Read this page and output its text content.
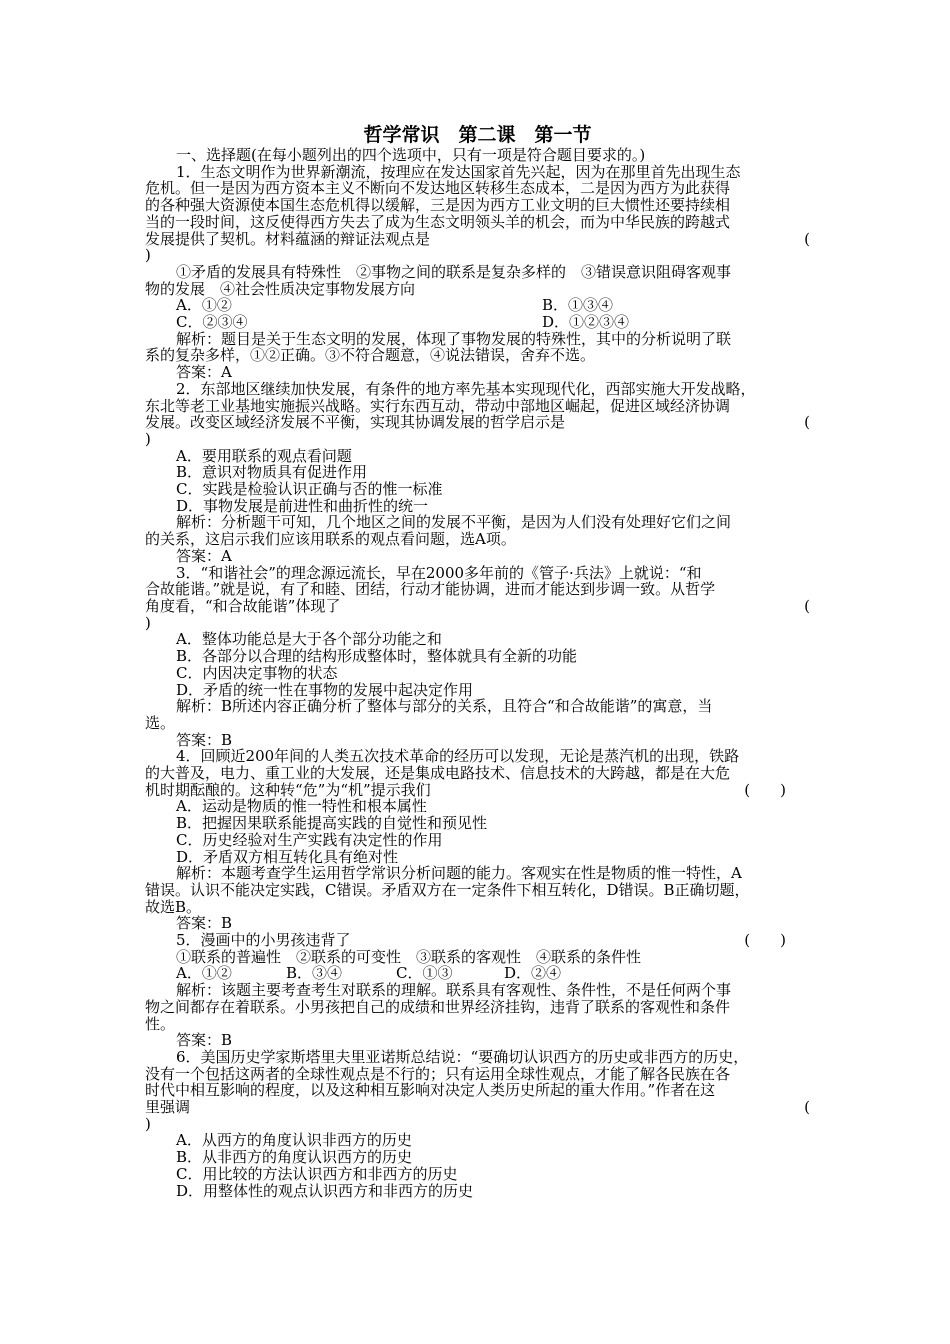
哲学常识　第二课　第一节
一、选择题(在每小题列出的四个选项中，只有一项是符合题目要求的。)
1．生态文明作为世界新潮流，按理应在发达国家首先兴起，因为在那里首先出现生态
危机。但一是因为西方资本主义不断向不发达地区转移生态成本，二是因为西方为此获得
的各种强大资源使本国生态危机得以缓解，三是因为西方工业文明的巨大惯性还要持续相
当的一段时间，这反使得西方失去了成为生态文明领头羊的机会，而为中华民族的跨越式
发展提供了契机。材料蕴涵的辩证法观点是	(
)
①矛盾的发展具有特殊性　②事物之间的联系是复杂多样的　③错误意识阻碍客观事
物的发展　④社会性质决定事物发展方向
A．①②	B．①③④
C．②③④	D．①②③④
解析：题目是关于生态文明的发展，体现了事物发展的特殊性，其中的分析说明了联
系的复杂多样，①②正确。③不符合题意，④说法错误，舍弃不选。
答案：A
2．东部地区继续加快发展，有条件的地方率先基本实现现代化，西部实施大开发战略，
东北等老工业基地实施振兴战略。实行东西互动，带动中部地区崛起，促进区域经济协调
发展。改变区域经济发展不平衡，实现其协调发展的哲学启示是	(
)
A．要用联系的观点看问题
B．意识对物质具有促进作用
C．实践是检验认识正确与否的惟一标准
D．事物发展是前进性和曲折性的统一
解析：分析题干可知，几个地区之间的发展不平衡，是因为人们没有处理好它们之间
的关系，这启示我们应该用联系的观点看问题，选A项。
答案：A
3．“和谐社会”的理念源远流长，早在2000多年前的《管子·兵法》上就说：“和
合故能谐。”就是说，有了和睦、团结，行动才能协调，进而才能达到步调一致。从哲学
角度看，“和合故能谐”体现了	(
)
A．整体功能总是大于各个部分功能之和
B．各部分以合理的结构形成整体时，整体就具有全新的功能
C．内因决定事物的状态
D．矛盾的统一性在事物的发展中起决定作用
解析：B所述内容正确分析了整体与部分的关系，且符合“和合故能谐”的寓意，当
选。
答案：B
4．回顾近200年间的人类五次技术革命的经历可以发现，无论是蒸汽机的出现，铁路
的大普及，电力、重工业的大发展，还是集成电路技术、信息技术的大跨越，都是在大危
机时期酝酿的。这种转“危”为“机”提示我们	(　　)
A．运动是物质的惟一特性和根本属性
B．把握因果联系能提高实践的自觉性和预见性
C．历史经验对生产实践有决定性的作用
D．矛盾双方相互转化具有绝对性
解析：本题考查学生运用哲学常识分析问题的能力。客观实在性是物质的惟一特性，A
错误。认识不能决定实践，C错误。矛盾双方在一定条件下相互转化，D错误。B正确切题，
故选B。
答案：B
5．漫画中的小男孩违背了	(　　)
①联系的普遍性　②联系的可变性　③联系的客观性　④联系的条件性
A．①②	B．③④	C．①③	D．②④
解析：该题主要考查考生对联系的理解。联系具有客观性、条件性，不是任何两个事
物之间都存在着联系。小男孩把自己的成绩和世界经济挂钩，违背了联系的客观性和条件
性。
答案：B
6．美国历史学家斯塔里夫里亚诺斯总结说：“要确切认识西方的历史或非西方的历史，
没有一个包括这两者的全球性观点是不行的；只有运用全球性观点，才能了解各民族在各
时代中相互影响的程度，以及这种相互影响对决定人类历史所起的重大作用。”作者在这
里强调	(
)
A．从西方的角度认识非西方的历史
B．从非西方的角度认识西方的历史
C．用比较的方法认识西方和非西方的历史
D．用整体性的观点认识西方和非西方的历史
